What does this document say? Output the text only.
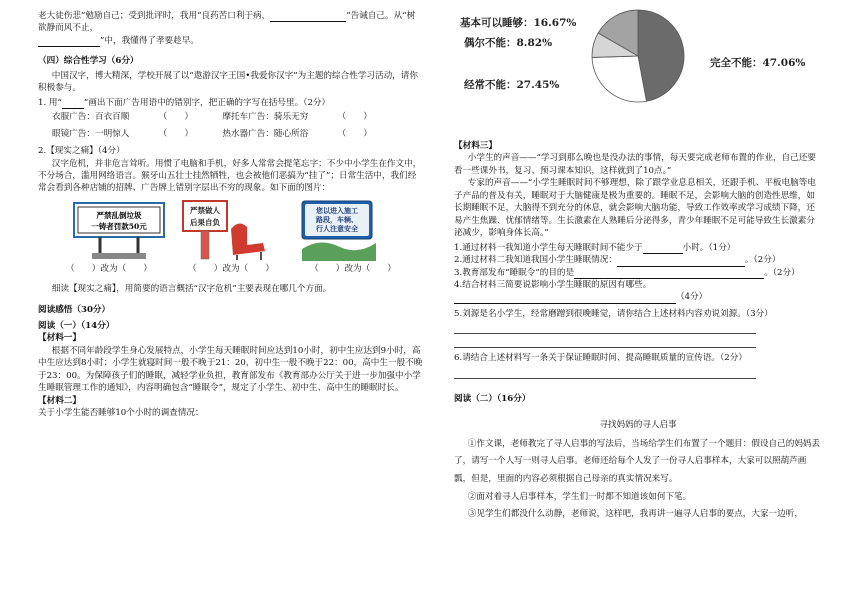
老大徒伤悲”勉励自己；受到批评时，我用“良药苦口利于病，	”告诫自己。从“树欲静而风不止，
”中，我懂得了孝要趁早。

（四）综合性学习（6分）

中国汉字，博大精深，学校开展了以“遨游汉字王国•我爱你汉字”为主题的综合性学习活动，请你积极参与。

1. 用“	”画出下面广告用语中的错别字，把正确的字写在括号里。（2分）

衣服广告：百衣百顺	（　　）	摩托车广告：骑乐无穷	（　　）
眼镜广告：一明惊人	（　　）	热水器广告：随心所浴	（　　）

2.【现实之痛】（4分）

汉字危机，并非危言耸听。用惯了电脑和手机，好多人常常会提笔忘字；不少中小学生在作文中，不分场合，滥用网络语言。猴牙山五壮士挂然牺牲，也会被他们恶搞为“挂了”；日常生活中，我们经常会看到各种店铺的招牌、广告牌上错别字层出不穷的现象。如下面的图片：

严禁乱倒垃圾
一铸者罚款50元
严禁做人
后果自负
您以进入施工
路段，车辆、
行人注意安全
（　　）改为（　　）	（　　）改为（　　）	（　　）改为（　　）

细读【现实之痛】，用简要的语言概括“汉字危机”主要表现在哪几个方面。

阅读感悟（30分）

阅读（一）（14分）

【材料一】

根据不同年龄段学生身心发展特点，小学生每天睡眠时间应达到10小时，初中生应达到9小时，高中生应达到8小时；小学生就寝时间一般不晚于21：20，初中生一般不晚于22：00，高中生一般不晚于23：00。为保障孩子们的睡眠，减轻学业负担，教育部发布《教育部办公厅关于进一步加强中小学生睡眠管理工作的通知》，内容明确包含“睡眠令”，规定了小学生、初中生、高中生的睡眠时长。

【材料二】

关于小学生能否睡够10个小时的调查情况：

完全不能：47.06%
经常不能：27.45%
偶尔不能：8.82%
基本可以睡够：16.67%

【材料三】

小学生的声音——“学习到那么晚也是没办法的事情，每天要完成老师布置的作业，自己还要看一些课外书，复习、预习课本知识，这样就到了10点。”

专家的声音——“小学生睡眠时间不够理想，除了跟学业息息相关，还跟手机、平板电脑等电子产品的普及有关，睡眠对于大脑健康是极为重要的。睡眠不足，会影响大脑的创造性思维，如长期睡眠不足，大脑得不到充分的休息，就会影响大脑功能，导致工作效率或学习成绩下降，还易产生焦躁、忧郁情绪等。生长激素在人熟睡后分泌得多，青少年睡眠不足可能导致生长激素分泌减少，影响身体长高。”

1.通过材料一我知道小学生每天睡眠时间不能少于	小时。（1分）

2.通过材料二我知道我国小学生睡眠情况：	。（2分）

3.教育部发布“睡眠令”的目的是	。（2分）

4.结合材料三简要说影响小学生睡眠的原因有哪些。

（4分）

5.刘源是名小学生，经常磨蹭到很晚睡觉，请你结合上述材料内容劝说刘源。（3分）

6.请结合上述材料写一条关于保证睡眠时间、提高睡眠质量的宣传语。（2分）

阅读（二）（16分）

寻找妈妈的寻人启事

①作文课，老师教完了寻人启事的写法后，当场给学生们布置了一个题目：假设自己的妈妈丢了，请写一个人写一则寻人启事。老师还给每个人发了一份寻人启事样本，大家可以照葫芦画瓢，但是，里面的内容必须根据自己母亲的真实情况来写。

②面对着寻人启事样本，学生们一时都不知道该如何下笔。

③见学生们都没什么动静，老师说，这样吧，我再讲一遍寻人启事的要点，大家一边听，
